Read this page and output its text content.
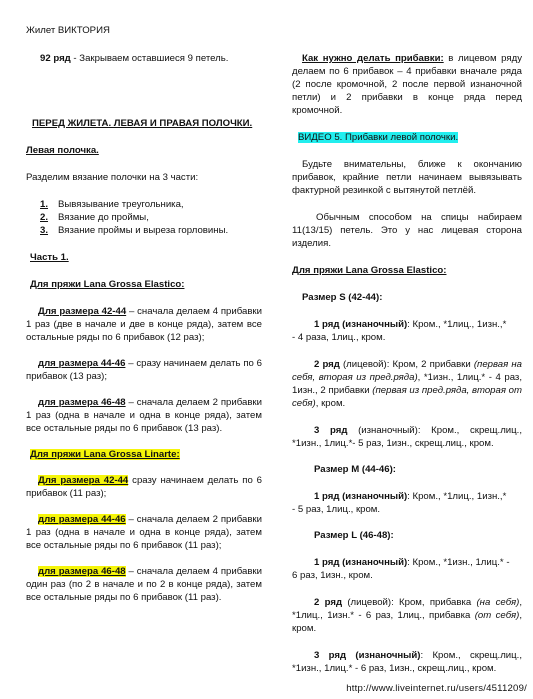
Жилет ВИКТОРИЯ

92 ряд - Закрываем оставшиеся 9 петель.

ПЕРЕД ЖИЛЕТА. ЛЕВАЯ И ПРАВАЯ ПОЛОЧКИ.

Левая полочка.

Разделим вязание полочки на 3 части:

1.	Вывязывание треугольника,
2.	Вязание до проймы,
3.	Вязание проймы и выреза горловины.

Часть 1.

Для пряжи Lana Grossa Elastico:

Для размера 42-44 – сначала делаем 4 прибавки 1 раз (две в начале и две в конце ряда), затем все остальные ряды по 6 прибавок (12 раз);

для размера 44-46 – сразу начинаем делать по 6 прибавок (13 раз);

для размера 46-48 – сначала делаем 2 прибавки 1 раз (одна в начале и одна в конце ряда), затем все остальные ряды по 6 прибавок (13 раз).

Для пряжи Lana Grossa Linarte:

Для размера 42-44 сразу начинаем делать по 6 прибавок (11 раз);

для размера 44-46 – сначала делаем 2 прибавки 1 раз (одна в начале и одна в конце ряда), затем все остальные ряды по 6 прибавок (11 раз);

для размера 46-48 – сначала делаем 4 прибавки один раз (по 2 в начале и по 2 в конце ряда), затем все остальные ряды по 6 прибавок (11 раз).

Как нужно делать прибавки: в лицевом ряду делаем по 6 прибавок – 4 прибавки вначале ряда (2 после кромочной, 2 после первой изнаночной петли) и 2 прибавки в конце ряда перед кромочной.

ВИДЕО 5. Прибавки левой полочки.

Будьте внимательны, ближе к окончанию прибавок, крайние петли начинаем вывязывать фактурной резинкой с вытянутой петлёй.

Обычным способом на спицы набираем 11(13/15) петель. Это у нас лицевая сторона изделия.

Для пряжи Lana Grossa Elastico:

Размер S (42-44):

1 ряд (изнаночный): Кром., *1лиц., 1изн.,*
- 4 раза, 1лиц., кром.

2 ряд (лицевой): Кром, 2 прибавки (первая на себя, вторая из пред.ряда), *1изн., 1лиц.* - 4 раз, 1изн., 2 прибавки (первая из пред.ряда, вторая от себя), кром.

3 ряд (изнаночный): Кром., скрещ.лиц., *1изн., 1лиц.*- 5 раз, 1изн., скрещ.лиц., кром.

Размер M (44-46):

1 ряд (изнаночный): Кром., *1лиц., 1изн.,*
- 5 раз, 1лиц., кром.

Размер L (46-48):

1 ряд (изнаночный): Кром., *1изн., 1лиц.* -
6 раз, 1изн., кром.

2 ряд (лицевой): Кром, прибавка (на себя), *1лиц., 1изн.* - 6 раз, 1лиц., прибавка (от себя), кром.

3 ряд (изнаночный): Кром., скрещ.лиц., *1изн., 1лиц.* - 6 раз, 1изн., скрещ.лиц., кром.

http://www.liveinternet.ru/users/4511209/
